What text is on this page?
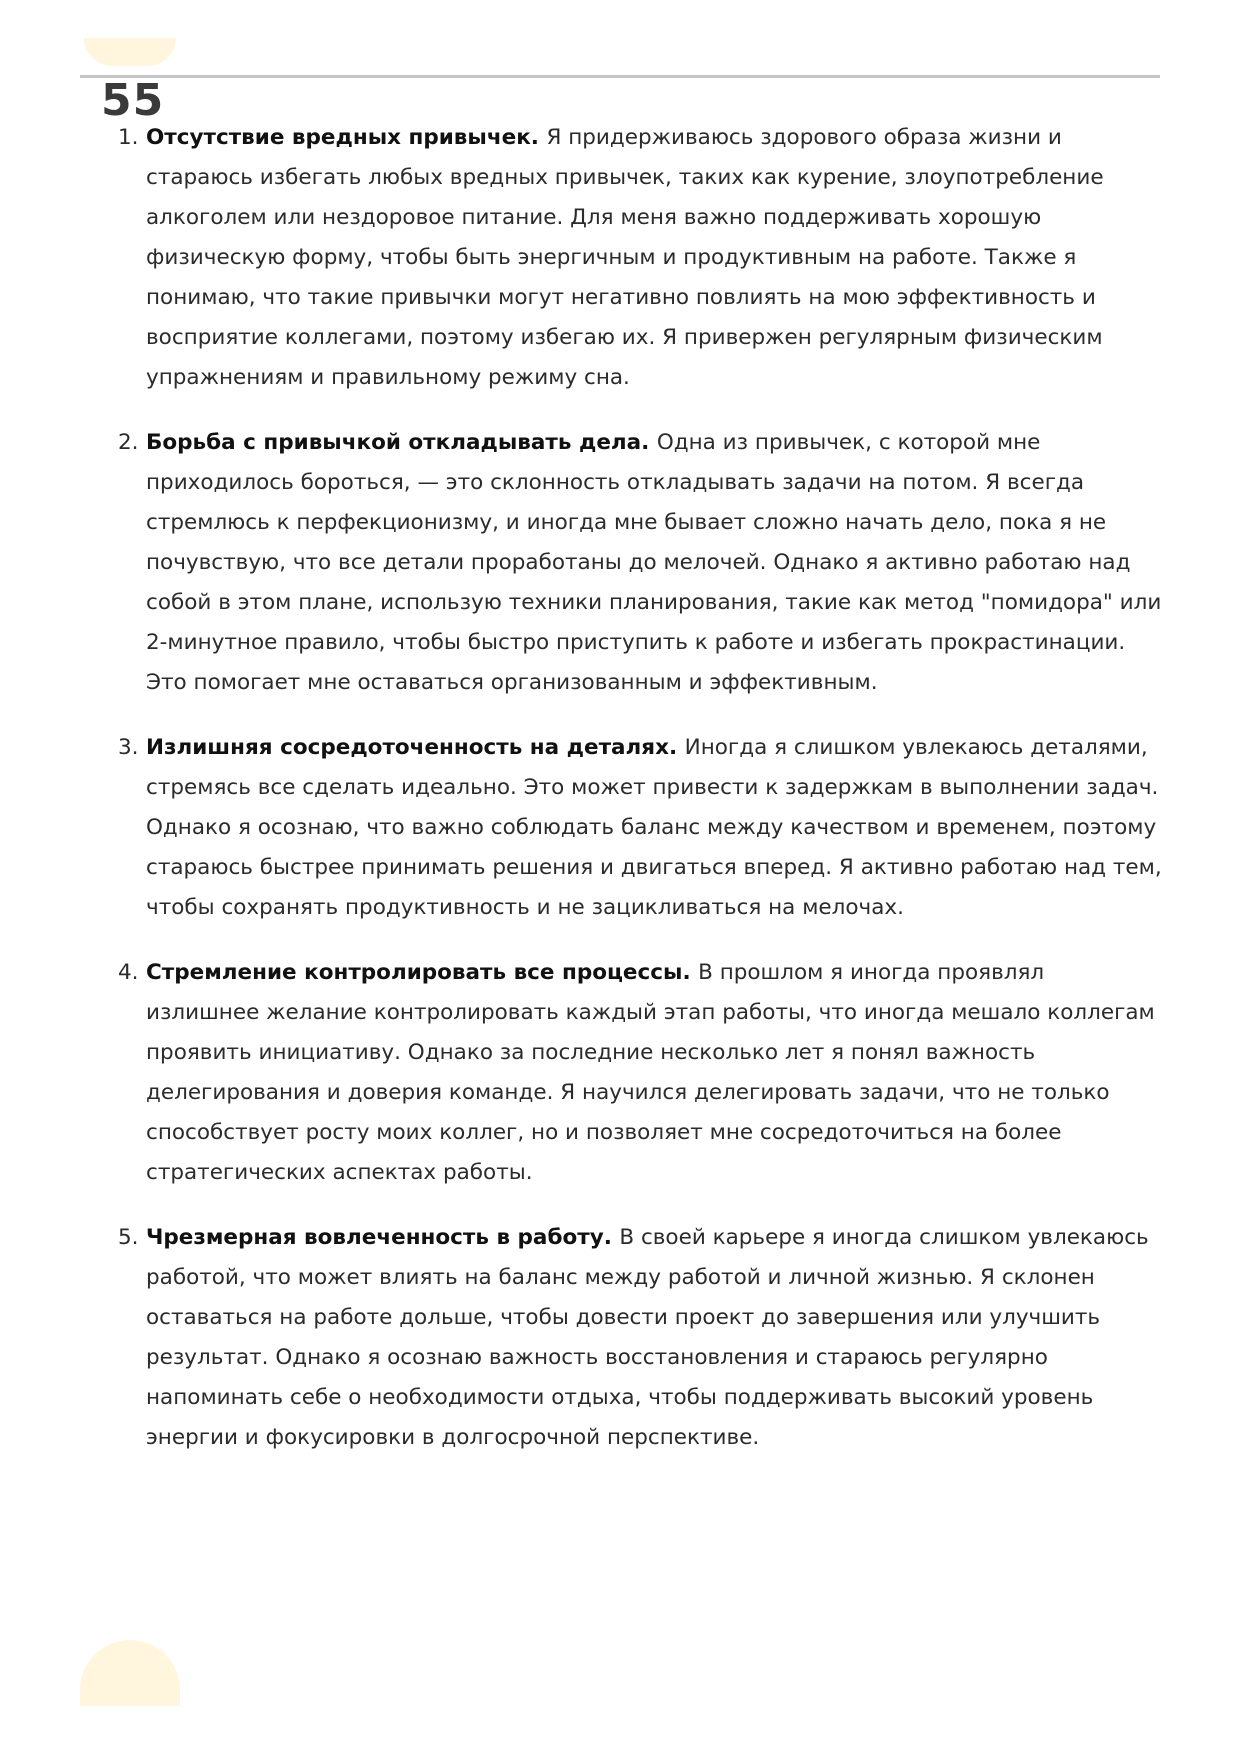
55
1. Отсутствие вредных привычек. Я придерживаюсь здорового образа жизни и стараюсь избегать любых вредных привычек, таких как курение, злоупотребление алкоголем или нездоровое питание. Для меня важно поддерживать хорошую физическую форму, чтобы быть энергичным и продуктивным на работе. Также я понимаю, что такие привычки могут негативно повлиять на мою эффективность и восприятие коллегами, поэтому избегаю их. Я привержен регулярным физическим упражнениям и правильному режиму сна.
2. Борьба с привычкой откладывать дела. Одна из привычек, с которой мне приходилось бороться, — это склонность откладывать задачи на потом. Я всегда стремлюсь к перфекционизму, и иногда мне бывает сложно начать дело, пока я не почувствую, что все детали проработаны до мелочей. Однако я активно работаю над собой в этом плане, использую техники планирования, такие как метод "помидора" или 2-минутное правило, чтобы быстро приступить к работе и избегать прокрастинации. Это помогает мне оставаться организованным и эффективным.
3. Излишняя сосредоточенность на деталях. Иногда я слишком увлекаюсь деталями, стремясь все сделать идеально. Это может привести к задержкам в выполнении задач. Однако я осознаю, что важно соблюдать баланс между качеством и временем, поэтому стараюсь быстрее принимать решения и двигаться вперед. Я активно работаю над тем, чтобы сохранять продуктивность и не зацикливаться на мелочах.
4. Стремление контролировать все процессы. В прошлом я иногда проявлял излишнее желание контролировать каждый этап работы, что иногда мешало коллегам проявить инициативу. Однако за последние несколько лет я понял важность делегирования и доверия команде. Я научился делегировать задачи, что не только способствует росту моих коллег, но и позволяет мне сосредоточиться на более стратегических аспектах работы.
5. Чрезмерная вовлеченность в работу. В своей карьере я иногда слишком увлекаюсь работой, что может влиять на баланс между работой и личной жизнью. Я склонен оставаться на работе дольше, чтобы довести проект до завершения или улучшить результат. Однако я осознаю важность восстановления и стараюсь регулярно напоминать себе о необходимости отдыха, чтобы поддерживать высокий уровень энергии и фокусировки в долгосрочной перспективе.
